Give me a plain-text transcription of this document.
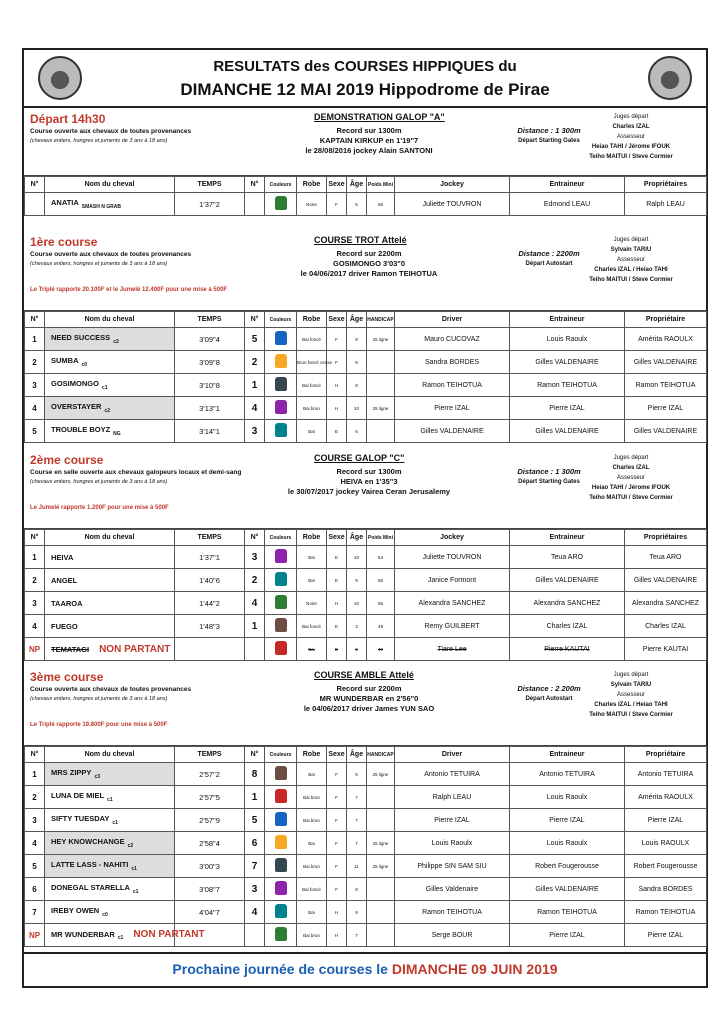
RESULTATS des COURSES HIPPIQUES du
DIMANCHE 12 MAI 2019 Hippodrome de Pirae
Départ 14h30	DEMONSTRATION GALOP "A"
Course ouverte aux chevaux de toutes provenances
(chevaux entiers, hongres et juments de 3 ans à 18 ans)
Record sur 1300m
KAPTAIN KIRKUP en 1'19"7
le 28/08/2016 jockey Alain SANTONI
Distance : 1 300m
Départ Starting Gates
Juges départ
Charles IZAL
Assesseur
Heiao TAHI / Jérome IFOUK
Teiho MAITUI / Steve Cormier
N°	Nom du cheval	TEMPS	N°	Couleurs	Robe	Sexe	Âge	Poids Mini	Jockey	Entraineur	Propriétaires
	ANATIA $_{SMASH N GRAB}$	1'37"2			Noire	F	6	58	Juliette TOUVRON	Edmond LEAU	Ralph LEAU
1ère course	COURSE TROT Attelé
Course ouverte aux chevaux de toutes provenances
(chevaux entiers, hongres et juments de 3 ans à 18 ans)
Record sur 2200m
GOSIMONGO 3'03"0
le 04/06/2017 driver Ramon TEIHOTUA
Distance : 2200m
Départ Autostart
Juges départ
Sylvain TARIU
Assesseur
Charles IZAL / Heiao TAHI
Teiho MAITUI / Steve Cormier
Le Triplé rapporte 20.100F et le Jumelé 12.400F pour une mise à 500F
N°	Nom du cheval	TEMPS	N°	Couleurs	Robe	Sexe	Âge	HANDICAP	Driver	Entraineur	Propriétaire
1	NEED SUCCESS $_{c2}$	3'09"4	5		Bai foncé	F	9	25 ligne	Mauro CUCOVAZ	Louis Raoulx	Amérita RAOULX
2	SUMBA $_{c0}$	3'09"8	2		Brun foncé cerise	F	9		Sandra BORDES	Gilles VALDENAIRE	Gilles VALDENAIRE
3	GOSIMONGO $_{c1}$	3'10"8	1		Bai foncé	H	9		Ramon TEIHOTUA	Ramon TEIHOTUA	Ramon TEIHOTUA
4	OVERSTAYER $_{c2}$	3'13"1	4		Bai brun	H	10	25 ligne	Pierre IZAL	Pierre IZAL	Pierre IZAL
5	TROUBLE BOYZ $_{NG}$	3'14"1	3		Bai	E	6		Gilles VALDENAIRE	Gilles VALDENAIRE	Gilles VALDENAIRE
2ème course	COURSE GALOP "C"
Course en selle ouverte aux chevaux galopeurs locaux et demi-sang
(chevaux entiers, hongres et juments de 3 ans à 18 ans)
Record sur 1300m
HEIVA en 1'35"3
le 30/07/2017 jockey Vairea Ceran Jerusalemy
Distance : 1 300m
Départ Starting Gates
Juges départ
Charles IZAL
Assesseur
Heiao TAHI / Jérome IFOUK
Teiho MAITUI / Steve Cormier
Le Jumelé rapporte 1.200F pour une mise à 500F
N°	Nom du cheval	TEMPS	N°	Couleurs	Robe	Sexe	Âge	Poids Mini	Jockey	Entraineur	Propriétaires
1	HEIVA	1'37"1	3		Bai	E	10	54	Juliette TOUVRON	Teua ARO	Teua ARO
2	ANGEL	1'40"6	2		Bai	E	9	55	Janice Formont	Gilles VALDENAIRE	Gilles VALDENAIRE
3	TAAROA	1'44"2	4		Noire	H	10	55	Alexandra SANCHEZ	Alexandra SANCHEZ	Alexandra SANCHEZ
4	FUEGO	1'48"3	1		Bai foncé	E	3	49	Remy GUILBERT	Charles IZAL	Charles IZAL
NP	TEMATAGI NON PARTANT				Bai	E	3	49	Tiare Lee	Pierre KAUTAI	Pierre KAUTAI
3ème course	COURSE AMBLE Attelé
Course ouverte aux chevaux de toutes provenances
(chevaux entiers, hongres et juments de 3 ans à 18 ans)
Record sur 2200m
MR WUNDERBAR en 2'56"0
le 04/06/2017 driver James YUN SAO
Distance : 2 200m
Départ Autostart
Juges départ
Sylvain TARIU
Assesseur
Charles IZAL / Heiao TAHI
Teiho MAITUI / Steve Cormier
Le Triplé rapporte 19.800F pour une mise à 500F
N°	Nom du cheval	TEMPS	N°	Couleurs	Robe	Sexe	Âge	HANDICAP	Driver	Entraineur	Propriétaire
1	MRS ZIPPY $_{c3}$	2'57"2	8		Bai	F	5	25 ligne	Antonio TETUIRA	Antonio TETUIRA	Antonio TETUIRA
2	LUNA DE MIEL $_{c1}$	2'57"5	1		Bai brun	F	7		Ralph LEAU	Louis Raoulx	Amérita RAOULX
3	SIFTY TUESDAY $_{c1}$	2'57"9	5		Bai brun	F	7		Pierre IZAL	Pierre IZAL	Pierre IZAL
4	HEY KNOWCHANGE $_{c2}$	2'58"4	6		Bai	F	7	25 ligne	Louis Raoulx	Louis Raoulx	Louis RAOULX
5	LATTE LASS - NAHITI $_{c1}$	3'00"3	7		Bai brun	F	11	25 ligne	Philippe SIN SAM SIU	Robert Fougerousse	Robert Fougerousse
6	DONEGAL STARELLA $_{c1}$	3'08"7	3		Bai foncé	F	9		Gilles Valdenaire	Gilles VALDENAIRE	Sandra BORDES
7	IREBY OWEN $_{c0}$	4'04"7	4		Bai	H	9		Ramon TEIHOTUA	Ramon TEIHOTUA	Ramon TEIHOTUA
NP	MR WUNDERBAR $_{c1}$ NON PARTANT				Bai brun	H	7		Serge BOUR	Pierre IZAL	Pierre IZAL
Prochaine journée de courses le DIMANCHE 09 JUIN 2019
